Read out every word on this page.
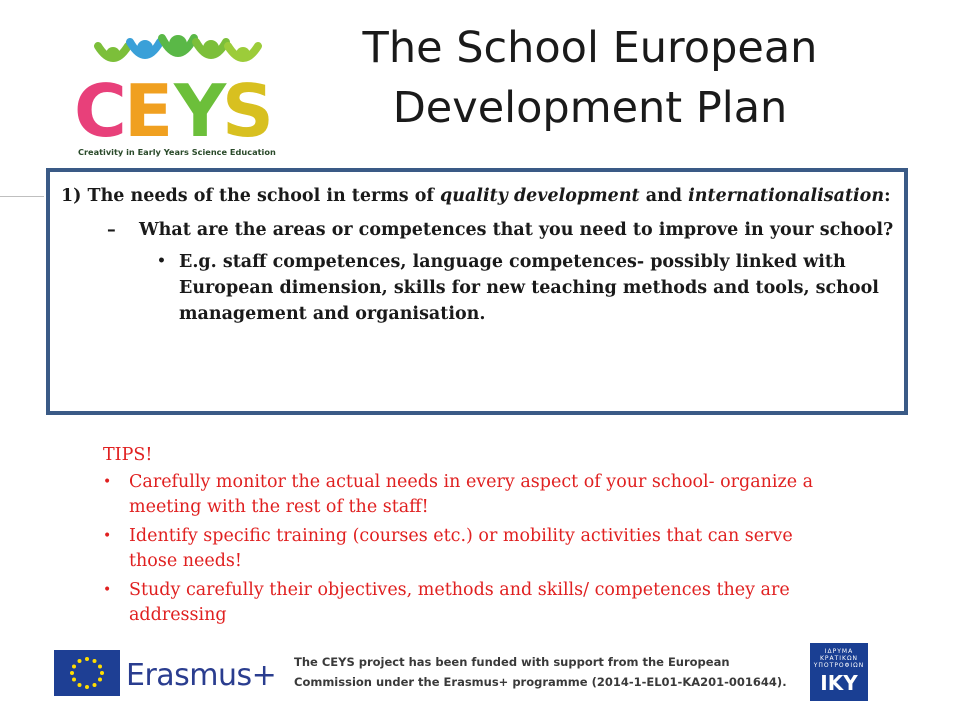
C
E Y
S
Creativity in Early Years Science Education
The School European
Development Plan

1) The needs of the school in terms of quality development and internationalisation:

– What are the areas or competences that you need to improve in your school?
• E.g. staff competences, language competences- possibly linked with European dimension, skills for new teaching methods and tools, school management and organisation.
TIPS!
• Carefully monitor the actual needs in every aspect of your school- organize a meeting with the rest of the staff!
• Identify specific training (courses etc.) or mobility activities that can serve those needs!
• Study carefully their objectives, methods and skills/ competences they are addressing
Erasmus+ The CEYS project has been funded with support from the European
Commission under the Erasmus+ programme (2014-1-EL01-KA201-001644).
ΙΔΡΥΜΑ
ΚΡΑΤΙΚΩΝ
ΥΠΟΤΡΟΦΙΩΝ
IKY
